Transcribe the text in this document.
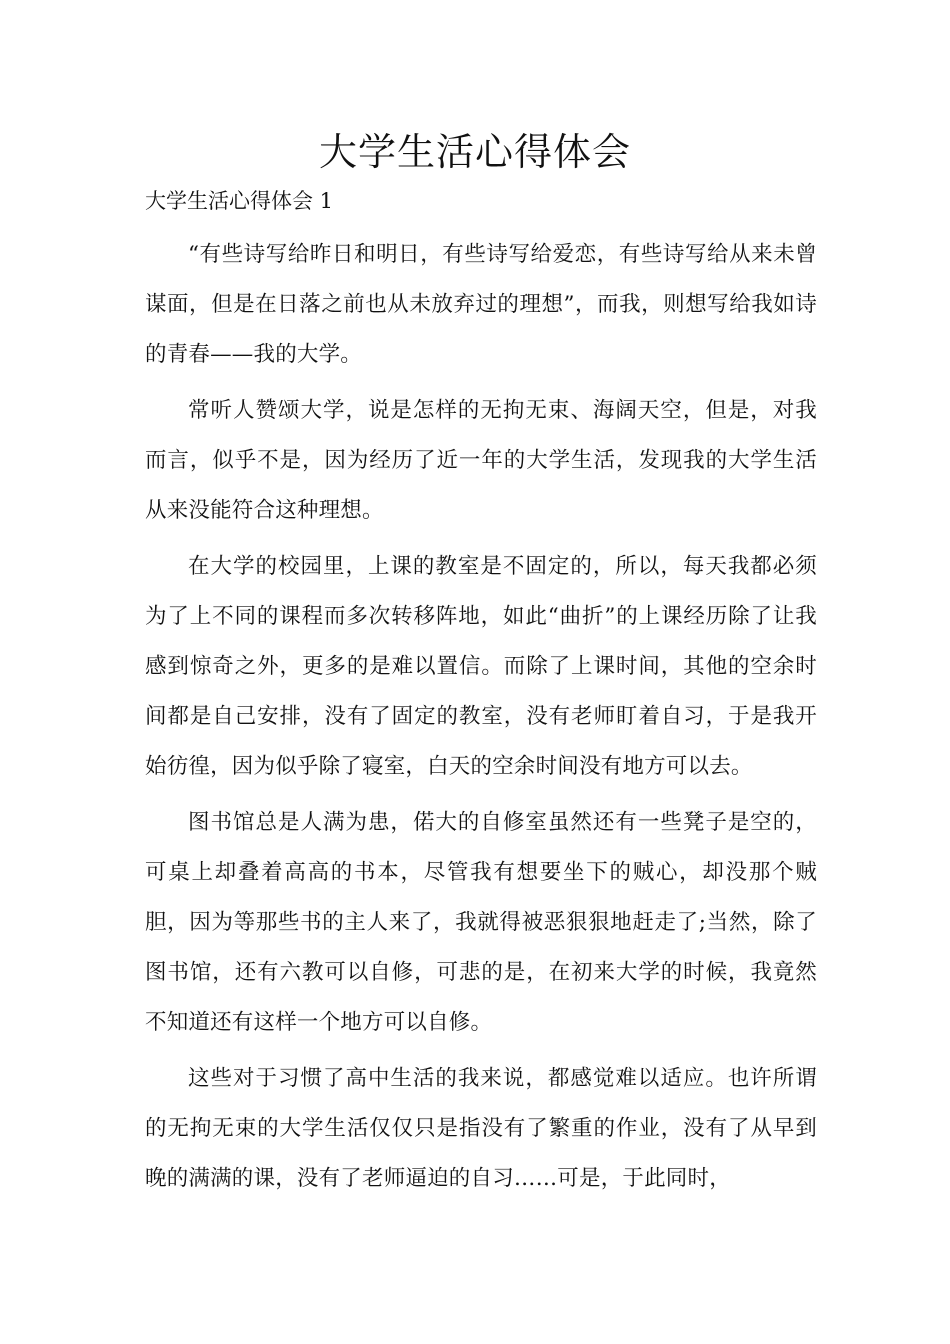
大学生活心得体会

大学生活心得体会 1

“有些诗写给昨日和明日，有些诗写给爱恋，有些诗写给从来未曾谋面，但是在日落之前也从未放弃过的理想”，而我，则想写给我如诗的青春——我的大学。

常听人赞颂大学，说是怎样的无拘无束、海阔天空，但是，对我而言，似乎不是，因为经历了近一年的大学生活，发现我的大学生活从来没能符合这种理想。

在大学的校园里，上课的教室是不固定的，所以，每天我都必须为了上不同的课程而多次转移阵地，如此“曲折”的上课经历除了让我感到惊奇之外，更多的是难以置信。而除了上课时间，其他的空余时间都是自己安排，没有了固定的教室，没有老师盯着自习，于是我开始彷徨，因为似乎除了寝室，白天的空余时间没有地方可以去。

图书馆总是人满为患，偌大的自修室虽然还有一些凳子是空的，可桌上却叠着高高的书本，尽管我有想要坐下的贼心，却没那个贼胆，因为等那些书的主人来了，我就得被恶狠狠地赶走了;当然，除了图书馆，还有六教可以自修，可悲的是，在初来大学的时候，我竟然不知道还有这样一个地方可以自修。

这些对于习惯了高中生活的我来说，都感觉难以适应。也许所谓的无拘无束的大学生活仅仅只是指没有了繁重的作业，没有了从早到晚的满满的课，没有了老师逼迫的自习……可是，于此同时，
